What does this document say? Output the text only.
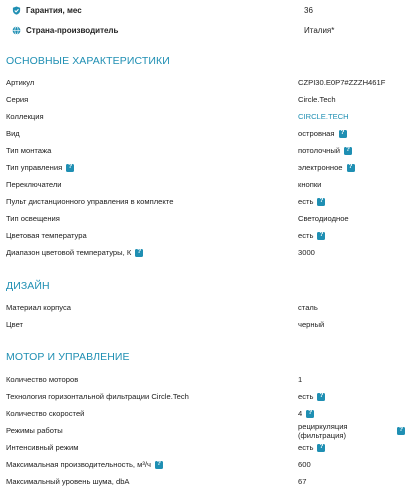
Гарантия, мес	36
Страна-производитель	Италия*
ОСНОВНЫЕ ХАРАКТЕРИСТИКИ
Артикул	CZPI30.E0P7#ZZZH461F
Серия	Circle.Tech
Коллекция	CIRCLE.TECH
Вид	островная ?
Тип монтажа	потолочный ?
Тип управления ?	электронное ?
Переключатели	кнопки
Пульт дистанционного управления в комплекте	есть ?
Тип освещения	Светодиодное
Цветовая температура	есть ?
Диапазон цветовой температуры, К ?	3000
ДИЗАЙН
Материал корпуса	сталь
Цвет	черный
МОТОР И УПРАВЛЕНИЕ
Количество моторов	1
Технология горизонтальной фильтрации Circle.Tech	есть ?
Количество скоростей	4 ?
Режимы работы	рециркуляция (фильтрация)
?
Интенсивный режим	есть ?
Максимальная производительность, м³/ч ?	600
Максимальный уровень шума, dbA	67
